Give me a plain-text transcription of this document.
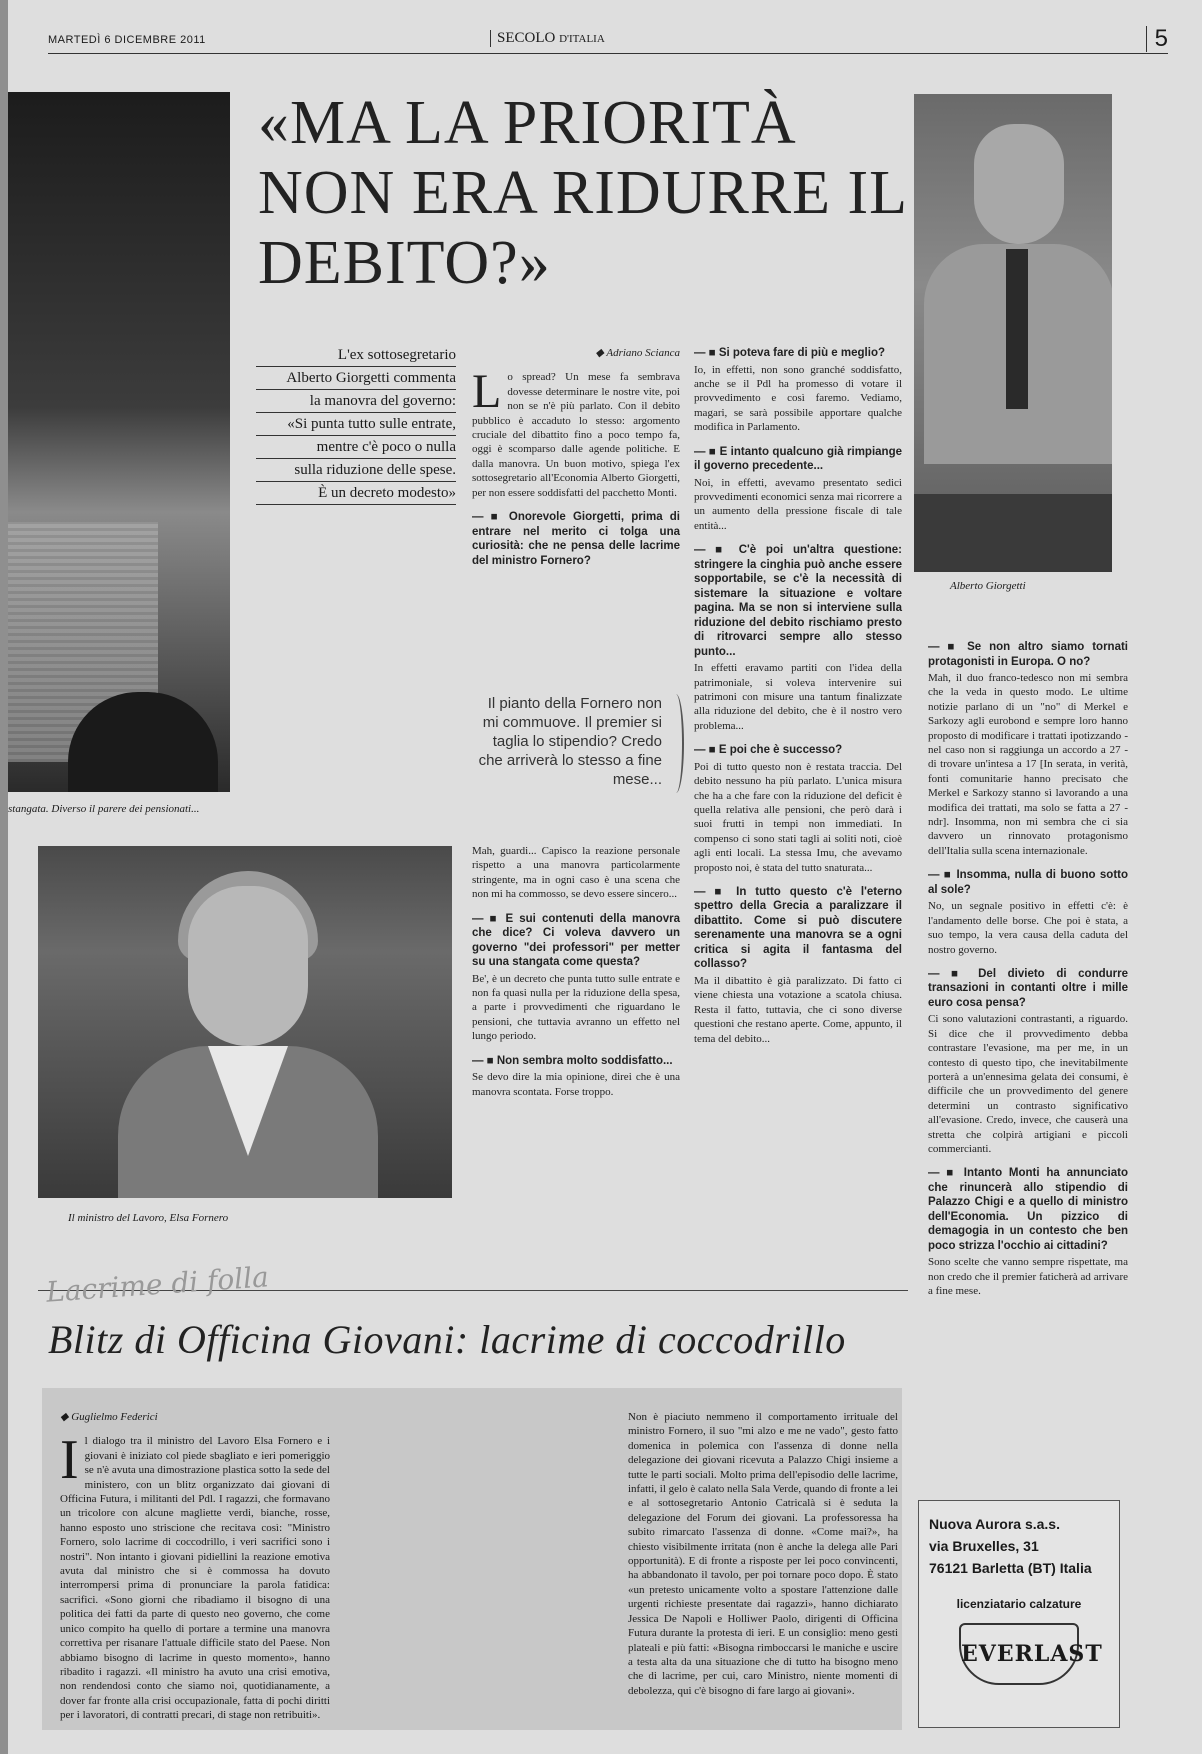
MARTEDÌ 6 DICEMBRE 2011	SECOLO D'ITALIA	5
stangata. Diverso il parere dei pensionati...
«MA LA PRIORITÀ NON ERA RIDURRE IL DEBITO?»
L'ex sottosegretario
Alberto Giorgetti commenta
la manovra del governo:
«Si punta tutto sulle entrate,
mentre c'è poco o nulla
sulla riduzione delle spese.
È un decreto modesto»
◆ Adriano Scianca

Lo spread? Un mese fa sembrava dovesse determinare le nostre vite, poi non se n'è più parlato. Con il debito pubblico è accaduto lo stesso: argomento cruciale del dibattito fino a poco tempo fa, oggi è scomparso dalle agende politiche. E dalla manovra. Un buon motivo, spiega l'ex sottosegretario all'Economia Alberto Giorgetti, per non essere soddisfatti del pacchetto Monti.

— ■ Onorevole Giorgetti, prima di entrare nel merito ci tolga una curiosità: che ne pensa delle lacrime del ministro Fornero?

Il pianto della Fornero non mi commuove. Il premier si taglia lo stipendio? Credo che arriverà lo stesso a fine mese...

Mah, guardi... Capisco la reazione personale rispetto a una manovra particolarmente stringente, ma in ogni caso è una scena che non mi ha commosso, se devo essere sincero...

— ■ E sui contenuti della manovra che dice? Ci voleva davvero un governo "dei professori" per metter su una stangata come questa?

Be', è un decreto che punta tutto sulle entrate e non fa quasi nulla per la riduzione della spesa, a parte i provvedimenti che riguardano le pensioni, che tuttavia avranno un effetto nel lungo periodo.

— ■ Non sembra molto soddisfatto...

Se devo dire la mia opinione, direi che è una manovra scontata. Forse troppo.

— ■ Si poteva fare di più e meglio?

Io, in effetti, non sono granché soddisfatto, anche se il Pdl ha promesso di votare il provvedimento e così faremo. Vediamo, magari, se sarà possibile apportare qualche modifica in Parlamento.

— ■ E intanto qualcuno già rimpiange il governo precedente...

Noi, in effetti, avevamo presentato sedici provvedimenti economici senza mai ricorrere a un aumento della pressione fiscale di tale entità...

— ■ C'è poi un'altra questione: stringere la cinghia può anche essere sopportabile, se c'è la necessità di sistemare la situazione e voltare pagina. Ma se non si interviene sulla riduzione del debito rischiamo presto di ritrovarci sempre allo stesso punto...

In effetti eravamo partiti con l'idea della patrimoniale, si voleva intervenire sui patrimoni con misure una tantum finalizzate alla riduzione del debito, che è il nostro vero problema...

— ■ E poi che è successo?

Poi di tutto questo non è restata traccia. Del debito nessuno ha più parlato. L'unica misura che ha a che fare con la riduzione del deficit è quella relativa alle pensioni, che però darà i suoi frutti in tempi non immediati. In compenso ci sono stati tagli ai soliti noti, cioè agli enti locali. La stessa Imu, che avevamo proposto noi, è stata del tutto snaturata...

— ■ In tutto questo c'è l'eterno spettro della Grecia a paralizzare il dibattito. Come si può discutere serenamente una manovra se a ogni critica si agita il fantasma del collasso?

Ma il dibattito è già paralizzato. Di fatto ci viene chiesta una votazione a scatola chiusa. Resta il fatto, tuttavia, che ci sono diverse questioni che restano aperte. Come, appunto, il tema del debito...

Alberto Giorgetti

— ■ Se non altro siamo tornati protagonisti in Europa. O no?

Mah, il duo franco-tedesco non mi sembra che la veda in questo modo. Le ultime notizie parlano di un "no" di Merkel e Sarkozy agli eurobond e sempre loro hanno proposto di modificare i trattati ipotizzando - nel caso non si raggiunga un accordo a 27 - di trovare un'intesa a 17 [In serata, in verità, fonti comunitarie hanno precisato che Merkel e Sarkozy stanno sì lavorando a una modifica dei trattati, ma solo se fatta a 27 - ndr]. Insomma, non mi sembra che ci sia davvero un rinnovato protagonismo dell'Italia sulla scena internazionale.

— ■ Insomma, nulla di buono sotto al sole?

No, un segnale positivo in effetti c'è: è l'andamento delle borse. Che poi è stata, a suo tempo, la vera causa della caduta del nostro governo.

— ■ Del divieto di condurre transazioni in contanti oltre i mille euro cosa pensa?

Ci sono valutazioni contrastanti, a riguardo. Si dice che il provvedimento debba contrastare l'evasione, ma per me, in un contesto di questo tipo, che inevitabilmente porterà a un'ennesima gelata dei consumi, è difficile che un provvedimento del genere determini un contrasto significativo all'evasione. Credo, invece, che causerà una stretta che colpirà artigiani e piccoli commercianti.

— ■ Intanto Monti ha annunciato che rinuncerà allo stipendio di Palazzo Chigi e a quello di ministro dell'Economia. Un pizzico di demagogia in un contesto che ben poco strizza l'occhio ai cittadini?

Sono scelte che vanno sempre rispettate, ma non credo che il premier faticherà ad arrivare a fine mese.

Il ministro del Lavoro, Elsa Fornero
Lacrime di folla
Blitz di Officina Giovani: lacrime di coccodrillo
◆ Guglielmo Federici

Il dialogo tra il ministro del Lavoro Elsa Fornero e i giovani è iniziato col piede sbagliato e ieri pomeriggio se n'è avuta una dimostrazione plastica sotto la sede del ministero, con un blitz organizzato dai giovani di Officina Futura, i militanti del Pdl. I ragazzi, che formavano un tricolore con alcune magliette verdi, bianche, rosse, hanno esposto uno striscione che recitava così: "Ministro Fornero, solo lacrime di coccodrillo, i veri sacrifici sono i nostri". Non intanto i giovani pidiellini la reazione emotiva avuta dal ministro che si è commossa ha dovuto interrompersi prima di pronunciare la parola fatidica: sacrifici. «Sono giorni che ribadiamo il bisogno di una politica dei fatti da parte di questo neo governo, che come unico compito ha quello di portare a termine una manovra correttiva per risanare l'attuale difficile stato del Paese. Non abbiamo bisogno di lacrime in questo momento», hanno ribadito i ragazzi. «Il ministro ha avuto una crisi emotiva, non rendendosi conto che siamo noi, quotidianamente, a dover far fronte alla crisi occupazionale, fatta di pochi diritti per i lavoratori, di contratti precari, di stage non retribuiti».

Non è piaciuto nemmeno il comportamento irrituale del ministro Fornero, il suo "mi alzo e me ne vado", gesto fatto domenica in polemica con l'assenza di donne nella delegazione dei giovani ricevuta a Palazzo Chigi insieme a tutte le parti sociali. Molto prima dell'episodio delle lacrime, infatti, il gelo è calato nella Sala Verde, quando di fronte a lei e al sottosegretario Antonio Catricalà si è seduta la delegazione del Forum dei giovani. La professoressa ha subito rimarcato l'assenza di donne. «Come mai?», ha chiesto visibilmente irritata (non è anche la delega alle Pari opportunità). E di fronte a risposte per lei poco convincenti, ha abbandonato il tavolo, per poi tornare poco dopo. È stato «un pretesto unicamente volto a spostare l'attenzione dalle urgenti richieste presentate dai ragazzi», hanno dichiarato Jessica De Napoli e Holliwer Paolo, dirigenti di Officina Futura durante la protesta di ieri. E un consiglio: meno gesti plateali e più fatti: «Bisogna rimboccarsi le maniche e uscire a testa alta da una situazione che di tutto ha bisogno meno che di lacrime, per cui, caro Ministro, niente momenti di debolezza, qui c'è bisogno di fare largo ai giovani».

Nuova Aurora s.a.s.
via Bruxelles, 31
76121 Barletta (BT) Italia
licenziatario calzature
EVERLAST
